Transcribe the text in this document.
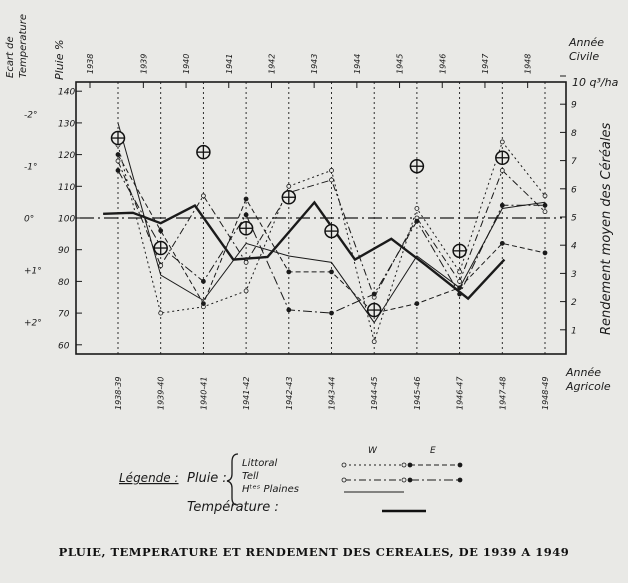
Ecart de Temperature Pluie %
10 q³/ha
Rendement moyen des Céréales
Année
Civile
Année
Agricole
60
70
80
90
100
110
120
130
140
-2°
-1°
0°
+1°
+2°
1
2
3
4
5
6
7
8
9
1938	1939	1940	1941	1942	1943	1944	1945	1946	1947	1948
1938-39	1939-40	1940-41	1941-42	1942-43	1943-44	1944-45	1945-46	1946-47	1947-48	1948-49
Légende : Pluie :
Littoral
Tell
Hᵗᵉˢ Plaines
W	E
Température :
PLUIE, TEMPERATURE ET RENDEMENT DES CEREALES, DE 1939 A 1949
